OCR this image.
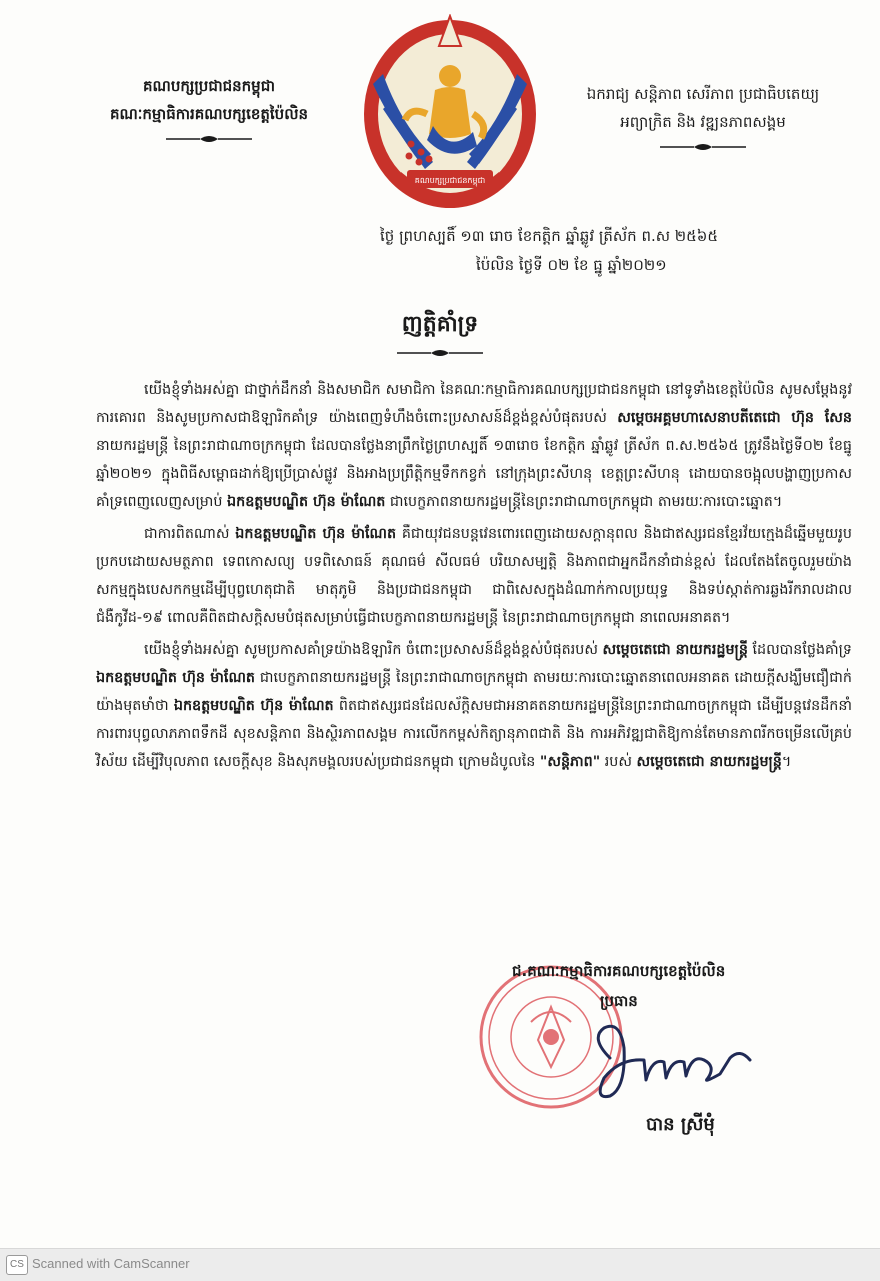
គណបក្សប្រជាជនកម្ពុជា
គណៈកម្មាធិការគណបក្សខេត្តប៉ៃលិន
គណបក្សប្រជាជនកម្ពុជា
ឯករាជ្យ សន្តិភាព សេរីភាព ប្រជាធិបតេយ្យ
អព្យាក្រិត និង វឌ្ឍនភាពសង្គម
ថ្ងៃ ព្រហស្បតិ៍ ១៣ រោច ខែកត្តិក ឆ្នាំឆ្លូវ ត្រីស័ក ព.ស ២៥៦៥
ប៉ៃលិន ថ្ងៃទី ០២ ខែ ធ្នូ ឆ្នាំ២០២១
ញត្តិគាំទ្រ

យើងខ្ញុំទាំងអស់គ្នា ជាថ្នាក់ដឹកនាំ និងសមាជិក សមាជិកា នៃគណៈកម្មាធិការគណបក្សប្រជាជនកម្ពុជា នៅទូទាំងខេត្តប៉ៃលិន សូមសម្តែងនូវការគោរព និងសូមប្រកាសជាឱឡារិកគាំទ្រ យ៉ាងពេញទំហឹងចំពោះប្រសាសន៍ដ៏ខ្ពង់ខ្ពស់បំផុតរបស់ សម្តេចអគ្គមហាសេនាបតីតេជោ ហ៊ុន សែន នាយករដ្ឋមន្ត្រី នៃព្រះរាជាណាចក្រកម្ពុជា ដែលបានថ្លែងនាព្រឹកថ្ងៃព្រហស្បតិ៍ ១៣រោច ខែកត្តិក ឆ្នាំឆ្លូវ ត្រីស័ក ព.ស.២៥៦៥ ត្រូវនឹងថ្ងៃទី០២ ខែធ្នូ ឆ្នាំ២០២១ ក្នុងពិធីសម្ពោធដាក់ឱ្យប្រើប្រាស់ផ្លូវ និងអាងប្រព្រឹត្តិកម្មទឹកកខ្វក់ នៅក្រុងព្រះសីហនុ ខេត្តព្រះសីហនុ ដោយបានចង្អុលបង្ហាញប្រកាសគាំទ្រពេញលេញសម្រាប់ ឯកឧត្តមបណ្ឌិត ហ៊ុន ម៉ាណែត ជាបេក្ខភាពនាយករដ្ឋមន្ត្រីនៃព្រះរាជាណាចក្រកម្ពុជា តាមរយៈការបោះឆ្នោត។

ជាការពិតណាស់ ឯកឧត្តមបណ្ឌិត ហ៊ុន ម៉ាណែត គឺជាយុវជនបន្តវេនពោរពេញដោយសក្តានុពល និងជាឥស្សរជនខ្មែរវ័យក្មេងដ៏ឆ្នើមមួយរូប ប្រកបដោយសមត្ថភាព ទេពកោសល្យ បទពិសោធន៍ គុណធម៌ សីលធម៌ បរិយាសម្បត្តិ និងភាពជាអ្នកដឹកនាំជាន់ខ្ពស់ ដែលតែងតែចូលរួមយ៉ាងសកម្មក្នុងបេសកកម្មដើម្បីបុព្វហេតុជាតិ មាតុភូមិ និងប្រជាជនកម្ពុជា ជាពិសេសក្នុងដំណាក់កាលប្រយុទ្ធ និងទប់ស្កាត់ការឆ្លងរីករាលដាលជំងឺកូវីដ-១៩ ពោលគឺពិតជាសក្តិសមបំផុតសម្រាប់ធ្វើជាបេក្ខភាពនាយករដ្ឋមន្ត្រី នៃព្រះរាជាណាចក្រកម្ពុជា នាពេលអនាគត។

យើងខ្ញុំទាំងអស់គ្នា សូមប្រកាសគាំទ្រយ៉ាងឱឡារិក ចំពោះប្រសាសន៍ដ៏ខ្ពង់ខ្ពស់បំផុតរបស់ សម្តេចតេជោ នាយករដ្ឋមន្ត្រី ដែលបានថ្លែងគាំទ្រ ឯកឧត្តមបណ្ឌិត ហ៊ុន ម៉ាណែត ជាបេក្ខភាពនាយករដ្ឋមន្ត្រី នៃព្រះរាជាណាចក្រកម្ពុជា តាមរយៈការបោះឆ្នោតនាពេលអនាគត ដោយក្តីសង្ឃឹមជឿជាក់យ៉ាងមុតមាំថា ឯកឧត្តមបណ្ឌិត ហ៊ុន ម៉ាណែត ពិតជាឥស្សរជនដែលស័ក្តិសមជាអនាគតនាយករដ្ឋមន្ត្រីនៃព្រះរាជាណាចក្រកម្ពុជា ដើម្បីបន្តវេនដឹកនាំការពារបុព្វលាភភាពទឹកដី សុខសន្តិភាព និងស្ថិរភាពសង្គម ការលើកកម្ពស់កិត្យានុភាពជាតិ និង ការអភិវឌ្ឍជាតិឱ្យកាន់តែមានភាពរីកចម្រើនលើគ្រប់វិស័យ ដើម្បីវិបុលភាព សេចក្តីសុខ និងសុភមង្គលរបស់ប្រជាជនកម្ពុជា ក្រោមដំបូលនៃ "សន្តិភាព" របស់ សម្តេចតេជោ នាយករដ្ឋមន្ត្រី។

ជ.គណៈកម្មាធិការគណបក្សខេត្តប៉ៃលិន
ប្រធាន
បាន ស្រីមុំ
CS Scanned with CamScanner
